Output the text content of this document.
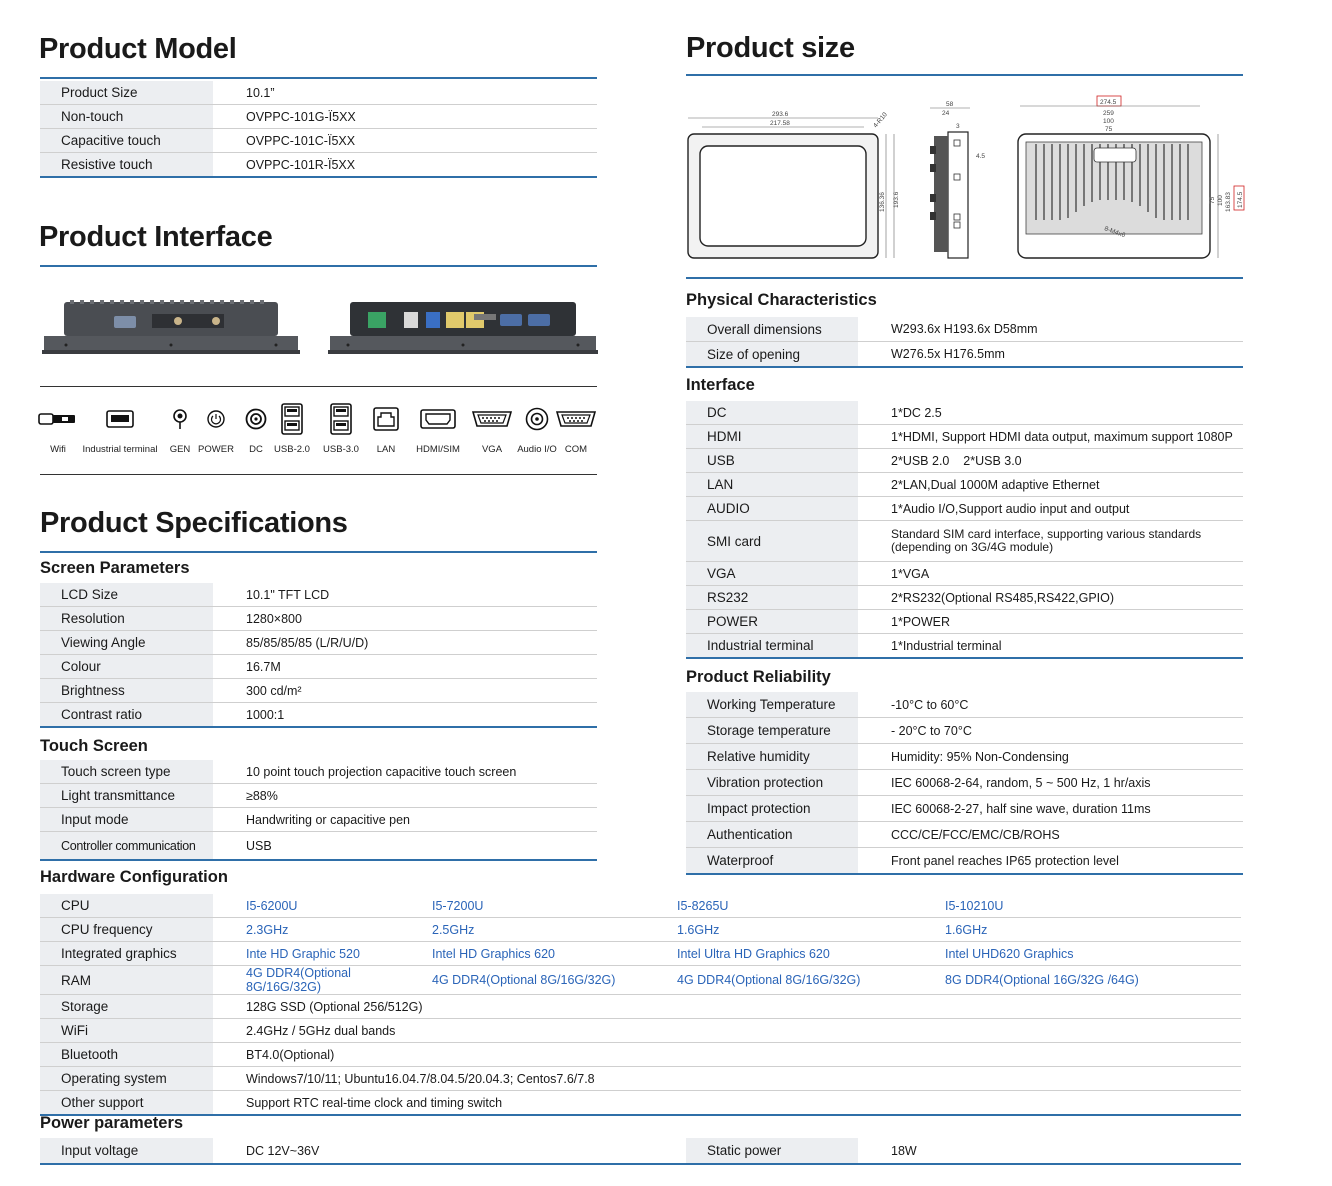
Product Model
Product Size	10.1”
Non-touch	OVPPC-101G-Ï5XX
Capacitive touch	OVPPC-101C-Ï5XX
Resistive touch	OVPPC-101R-Ï5XX
Product Interface
Wifi	Industrial terminal	GEN POWER	DC	USB-2.0	USB-3.0	LAN	HDMI/SIM	VGA	Audio I/O COM
Product Specifications
Screen Parameters
LCD Size	10.1" TFT LCD
Resolution	1280×800
Viewing Angle	85/85/85/85 (L/R/U/D)
Colour	16.7M
Brightness	300 cd/m²
Contrast ratio	1000:1
Touch Screen
Touch screen type	10 point touch projection capacitive touch screen
Light transmittance	≥88%
Input mode	Handwriting or capacitive pen
Controller communication	USB
Product size
293.6
217.58	4-R10
136.36 193.6
58
24
3
4.5
274.5
259
100
75
8-M4x6
75 100 163.83 174.5
Physical Characteristics
Overall dimensions	W293.6x H193.6x D58mm
Size of opening	W276.5x H176.5mm
Interface
DC	1*DC 2.5
HDMI	1*HDMI, Support HDMI data output, maximum support 1080P
USB	2*USB 2.0    2*USB 3.0
LAN	2*LAN,Dual 1000M adaptive Ethernet
AUDIO	1*Audio I/O,Support audio input and output
SMI card	Standard SIM card interface, supporting various standards (depending on 3G/4G module)
VGA	1*VGA
RS232	2*RS232(Optional RS485,RS422,GPIO)
POWER	1*POWER
Industrial terminal	1*Industrial terminal
Product Reliability
Working Temperature	-10°C to 60°C
Storage temperature	- 20°C to 70°C
Relative humidity	Humidity: 95% Non-Condensing
Vibration protection	IEC 60068-2-64, random, 5 ~ 500 Hz, 1 hr/axis
Impact protection	IEC 60068-2-27, half sine wave, duration 11ms
Authentication	CCC/CE/FCC/EMC/CB/ROHS
Waterproof	Front panel reaches IP65 protection level
Hardware Configuration
CPU	I5-6200U	I5-7200U	I5-8265U	I5-10210U
CPU frequency	2.3GHz	2.5GHz	1.6GHz	1.6GHz
Integrated graphics	Inte HD Graphic 520	Intel HD Graphics 620	Intel Ultra HD Graphics 620	Intel UHD620 Graphics
RAM	4G DDR4(Optional 8G/16G/32G)	4G DDR4(Optional 8G/16G/32G)	4G DDR4(Optional 8G/16G/32G)	8G DDR4(Optional 16G/32G /64G)
Storage	128G SSD (Optional 256/512G)			
WiFi	2.4GHz / 5GHz dual bands			
Bluetooth	BT4.0(Optional)			
Operating system	Windows7/10/11; Ubuntu16.04.7/8.04.5/20.04.3; Centos7.6/7.8			
Other support	Support RTC real-time clock and timing switch			
Power parameters
Input voltage	DC 12V~36V	Static power	18W
